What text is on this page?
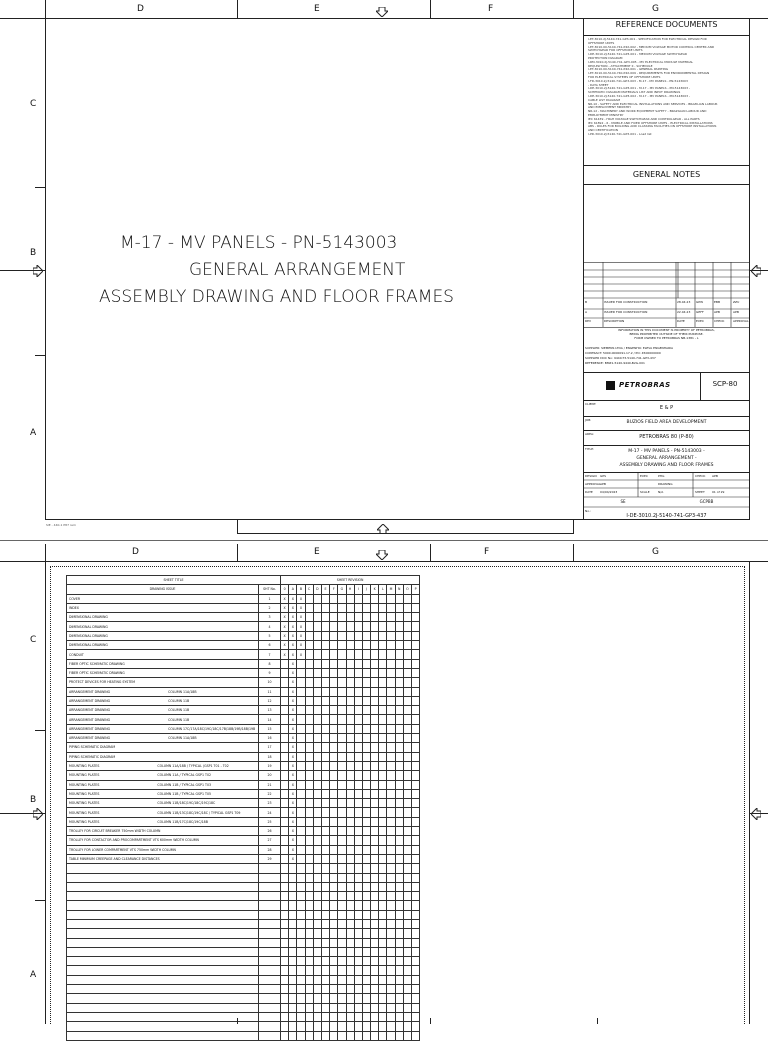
D	E	F	G
C
B
A
M-17 - MV PANELS - PN-5143003
GENERAL ARRANGEMENT
ASSEMBLY DRAWING AND FLOOR FRAMES
REFERENCE DOCUMENTS
I-ET-3010.2J-5140-741-GP3-001 - SPECIFICATION FOR ELECTRICAL DESIGN FOR
OFFSHORE UNITS
I-ET-3010.00-5140-741-P4X-002 - MEDIUM VOLTAGE MOTOR CONTROL CENTER AND
SWITCHGEAR FOR OFFSHORE UNITS
I-DE-3010.2J-5140-741-GP3-001 - MEDIUM VOLTAGE SWITCHGEAR
PROTECTION DIAGRAM
I-RM-3010.2J-5140-741-GP3-005 - MV ELECTRICAL MODULE MATERIAL
REQUISITION - ATTACHMENT II - SCHEDULE
I-ET-3010.00-5140-741-P4X-001 - GENERAL PAINTING
I-ET-3010.00-5140-740-P4X-009 - REQUIREMENTS FOR ENVIRONMENTAL DESIGN
FOR ELECTRICAL SYSTEMS OF OFFSHORE UNITS
I-FD-3010.2J-5140-741-GP3-003 - M-17 - MV PANELS - PN-5143003
- DATA SHEET
I-DE-3010.2J-5140-741-GP3-001 - M-17 - MV PANELS - PN-5143003 -
SCHEMATIC DIAGRAM MATERIALS LIST AND INPUT DRAWINGS
I-DE-3010.2J-5140-741-GP3-002 - M-17 - MV PANELS - PN-5143003 -
CABLE LIST DIAGRAM
NR-10 - SAFETY AND ELECTRICAL INSTALLATIONS AND SERVICES - BRAZILIAN LABOUR
AND EMPLOYMENT MINISTRY
NR-12 - MACHINERY AND WORK EQUIPMENT SAFETY - BRAZILIAN LABOUR AND
EMPLOYMENT MINISTRY
IEC 61439 - HIGH VOLTAGE SWITCHGEAR AND CONTROLGEAR - ALL PARTS
IEC 61892 - 6 - MOBILE AND FIXED OFFSHORE UNITS - ELECTRICAL INSTALLATIONS
ABS - RULES FOR BUILDING AND CLASSING FACILITIES ON OFFSHORE INSTALLATIONS
AND CERTIFICATION
I-PD-3010.2J-5140-741-GP3-001 - Load list
GENERAL NOTES
B	ISSUED FOR CONSTRUCTION	28.04.23 GPW	EBB	ZZU
A	ISSUED FOR CONSTRUCTION	22.04.23 GEFF	APB	APB
REV	DESCRIPTION	DATE	EXEC	CHECK	APPROVAL
INFORMATION IN THIS DOCUMENT IS PROPERTY OF PETROBRAS,
BEING PROHIBITED OUTSIDE OF THEIR PURPOSE.
FORM OWNED TO PETROBRAS NB-1381 - L
SUPPLIER: SIEMENS LTDA / ENGENHO: ELEVA ENGENHARIA
CONTRACT: 5000.0000091.17.2 / PO: 4500000000
SUPPLIER DOC No: 9440-T3-5140-741-GP3-437
REFERENCE: BMZ1-5140-9440-B2G-001
PETROBRAS	SCP-80
CLIENT:
E & P
JOB:	BUZIOS FIELD AREA DEVELOPMENT
AREA:	PETROBRAS 80 (P-80)
TITLE:	M-17 - MV PANELS - PN-5143003 -
GENERAL ARRANGEMENT -
ASSEMBLY DRAWING AND FLOOR FRAMES
DESIGN GPS	EXEC	PHG	CHECK APB
APPROVAL APB	DRAWING
DATE 04/04/2023	SCALE	N/A	SHEET 01 of 29
SE	GCPBB
No.:
I-DE-3010.2J-5140-741-GP3-437
SIE - 440-1 P87 rem
D	E	F	G
C
B
A
SHEET TITLE		SHEET REVISION																
DRAWING ISSUE	SHT No.	0	A	B	C	D	E	F	G	H	I	J	K	L	M	N	O	P
COVER	1	X	X	X														
INDEX	2	X	X	X														
DIMENSIONAL DRAWING	3	X	X	X														
DIMENSIONAL DRAWING	4	X	X	X														
DIMENSIONAL DRAWING	5	X	X	X														
DIMENSIONAL DRAWING	6	X	X	X														
CONDUIT	7	X	X	X														
FIBER OPTIC SCHEMATIC DRAWING	8		X															
FIBER OPTIC SCHEMATIC DRAWING	9		X															
PROTECT DEVICES FOR HEATING SYSTEM	10		X															
ARRANGEMENT DRAWING COLUMN 11A/18B	11		X															
ARRANGEMENT DRAWING COLUMN 11B	12		X															
ARRANGEMENT DRAWING COLUMN 11B	13		X															
ARRANGEMENT DRAWING COLUMN 11B	14		X															
ARRANGEMENT DRAWING COLUMN 17C/17A/18C/19C/18C/17B/18B/19B/18B/19B	15		X															
ARRANGEMENT DRAWING COLUMN 11A/18B	16		X															
PIPING SCHEMATIC DIAGRAM	17		X															
PIPING SCHEMATIC DIAGRAM	18		X															
MOUNTING PLATES COLUMN 11A/18B / TYPICAL (GSP1 T01 - T02	19		X															
MOUNTING PLATES COLUMN 11A / TYPICAL GSP1 T02	20		X															
MOUNTING PLATES COLUMN 11B / TYPICAL GSP1 T03	21		X															
MOUNTING PLATES COLUMN 11B / TYPICAL GSP1 T05	22		X															
MOUNTING PLATES COLUMN 11B/18C/19C/18C/19C/18C	23		X															
MOUNTING PLATES COLUMN 11B/13C/18C/19C/18C / TYPICAL GSP1 T09	24		X															
MOUNTING PLATES COLUMN 11B/17C/18C/19C/18B	25		X															
TROLLEY FOR CIRCUIT BREAKER 750mm WIDTH COLUMN	26		X															
TROLLEY FOR CONTACTOR AND PROCOMPARTMENT VTS 600mm WIDTH COLUMN	27		X															
TROLLEY FOR LOWER COMPARTMENT VTS 750mm WIDTH COLUMN	28		X															
TABLE MINIMUM CREEPAGE AND CLEARANCE DISTANCES	29		X															
